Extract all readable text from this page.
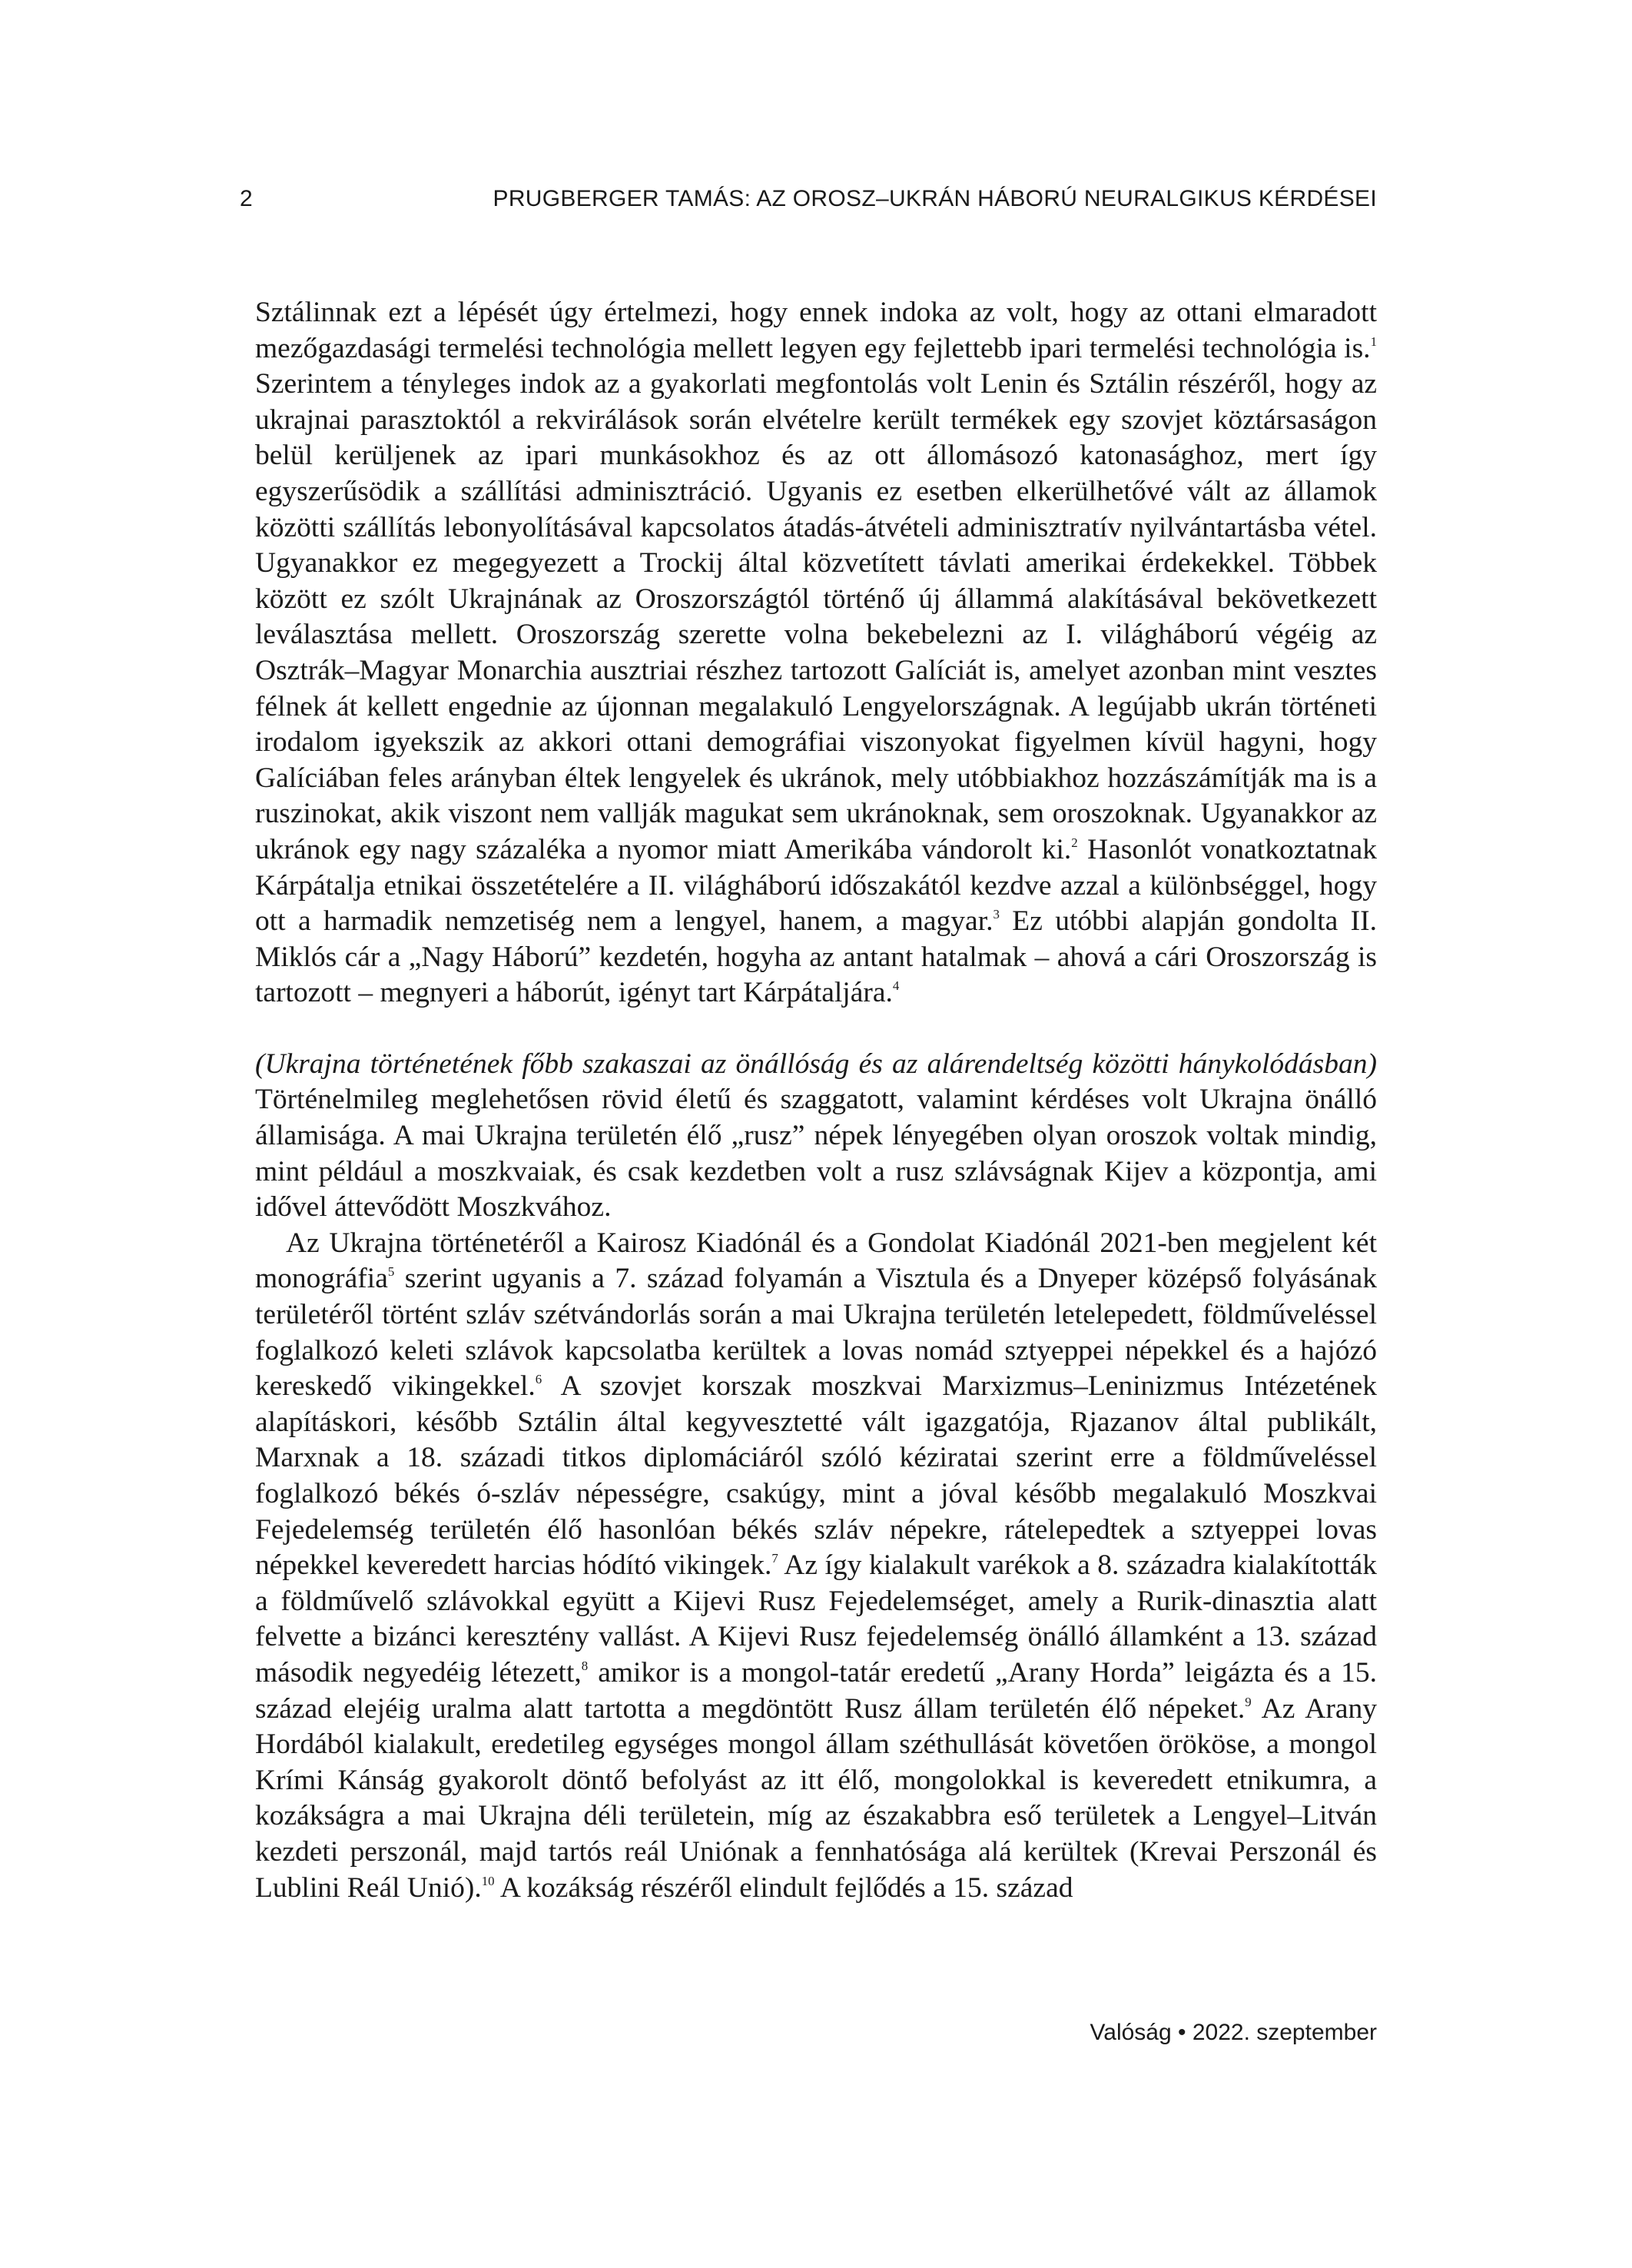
2	PRUGBERGER TAMÁS: AZ OROSZ–UKRÁN HÁBORÚ NEURALGIKUS KÉRDÉSEI

Sztálinnak ezt a lépését úgy értelmezi, hogy ennek indoka az volt, hogy az ottani elmaradott mezőgazdasági termelési technológia mellett legyen egy fejlettebb ipari termelési technológia is.$^1$ Szerintem a tényleges indok az a gyakorlati megfontolás volt Lenin és Sztálin részéről, hogy az ukrajnai parasztoktól a rekvirálások során elvételre került termékek egy szovjet köztársaságon belül kerüljenek az ipari munkásokhoz és az ott állomásozó katonasághoz, mert így egyszerűsödik a szállítási adminisztráció. Ugyanis ez esetben elkerülhetővé vált az államok közötti szállítás lebonyolításával kapcsolatos átadás-átvételi adminisztratív nyilvántartásba vétel. Ugyanakkor ez megegyezett a Trockij által közvetített távlati amerikai érdekekkel. Többek között ez szólt Ukrajnának az Oroszországtól történő új állammá alakításával bekövetkezett leválasztása mellett. Oroszország szerette volna bekebelezni az I. világháború végéig az Osztrák–Magyar Monarchia ausztriai részhez tartozott Galíciát is, amelyet azonban mint vesztes félnek át kellett engednie az újonnan megalakuló Lengyelországnak. A legújabb ukrán történeti irodalom igyekszik az akkori ottani demográfiai viszonyokat figyelmen kívül hagyni, hogy Galíciában feles arányban éltek lengyelek és ukránok, mely utóbbiakhoz hozzászámítják ma is a ruszinokat, akik viszont nem vallják magukat sem ukránoknak, sem oroszoknak. Ugyanakkor az ukránok egy nagy százaléka a nyomor miatt Amerikába vándorolt ki.$^2$ Hasonlót vonatkoztatnak Kárpátalja etnikai összetételére a II. világháború időszakától kezdve azzal a különbséggel, hogy ott a harmadik nemzetiség nem a lengyel, hanem, a magyar.$^3$ Ez utóbbi alapján gondolta II. Miklós cár a „Nagy Háború” kezdetén, hogyha az antant hatalmak – ahová a cári Oroszország is tartozott – megnyeri a háborút, igényt tart Kárpátaljára.$^4$

(Ukrajna történetének főbb szakaszai az önállóság és az alárendeltség közötti hánykolódásban) Történelmileg meglehetősen rövid életű és szaggatott, valamint kérdéses volt Ukrajna önálló államisága. A mai Ukrajna területén élő „rusz” népek lényegében olyan oroszok voltak mindig, mint például a moszkvaiak, és csak kezdetben volt a rusz szlávságnak Kijev a központja, ami idővel áttevődött Moszkvához.

Az Ukrajna történetéről a Kairosz Kiadónál és a Gondolat Kiadónál 2021-ben megjelent két monográfia$^5$ szerint ugyanis a 7. század folyamán a Visztula és a Dnyeper középső folyásának területéről történt szláv szétvándorlás során a mai Ukrajna területén letelepedett, földműveléssel foglalkozó keleti szlávok kapcsolatba kerültek a lovas nomád sztyeppei népekkel és a hajózó kereskedő vikingekkel.$^6$ A szovjet korszak moszkvai Marxizmus–Leninizmus Intézetének alapításkori, később Sztálin által kegyvesztetté vált igazgatója, Rjazanov által publikált, Marxnak a 18. századi titkos diplomáciáról szóló kéziratai szerint erre a földműveléssel foglalkozó békés ó-szláv népességre, csakúgy, mint a jóval később megalakuló Moszkvai Fejedelemség területén élő hasonlóan békés szláv népekre, rátelepedtek a sztyeppei lovas népekkel keveredett harcias hódító vikingek.$^7$ Az így kialakult varékok a 8. századra kialakították a földművelő szlávokkal együtt a Kijevi Rusz Fejedelemséget, amely a Rurik-dinasztia alatt felvette a bizánci keresztény vallást. A Kijevi Rusz fejedelemség önálló államként a 13. század második negyedéig létezett,$^8$ amikor is a mongol-tatár eredetű „Arany Horda” leigázta és a 15. század elejéig uralma alatt tartotta a megdöntött Rusz állam területén élő népeket.$^9$ Az Arany Hordából kialakult, eredetileg egységes mongol állam széthullását követően örököse, a mongol Krími Kánság gyakorolt döntő befolyást az itt élő, mongolokkal is keveredett etnikumra, a kozákságra a mai Ukrajna déli területein, míg az északabbra eső területek a Lengyel–Litván kezdeti perszonál, majd tartós reál Uniónak a fennhatósága alá kerültek (Krevai Perszonál és Lublini Reál Unió).$^{10}$ A kozákság részéről elindult fejlődés a 15. század

Valóság • 2022. szeptember
